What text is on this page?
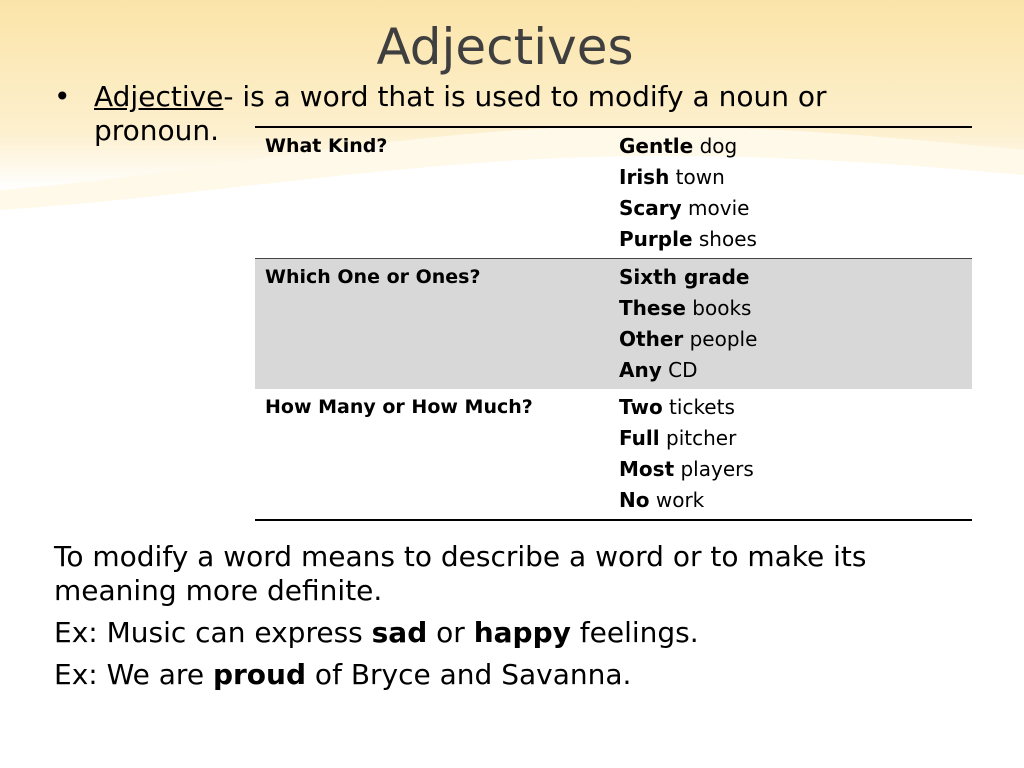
Adjectives
• Adjective- is a word that is used to modify a noun or pronoun.	What Kind?	Gentle dog
Irish town
Scary movie
Purple shoes

Which One or Ones?	Sixth grade
These books
Other people
Any CD

How Many or How Much?	Two tickets
Full pitcher
Most players
No work

To modify a word means to describe a word or to make its meaning more definite.

Ex: Music can express sad or happy feelings.

Ex: We are proud of Bryce and Savanna.
